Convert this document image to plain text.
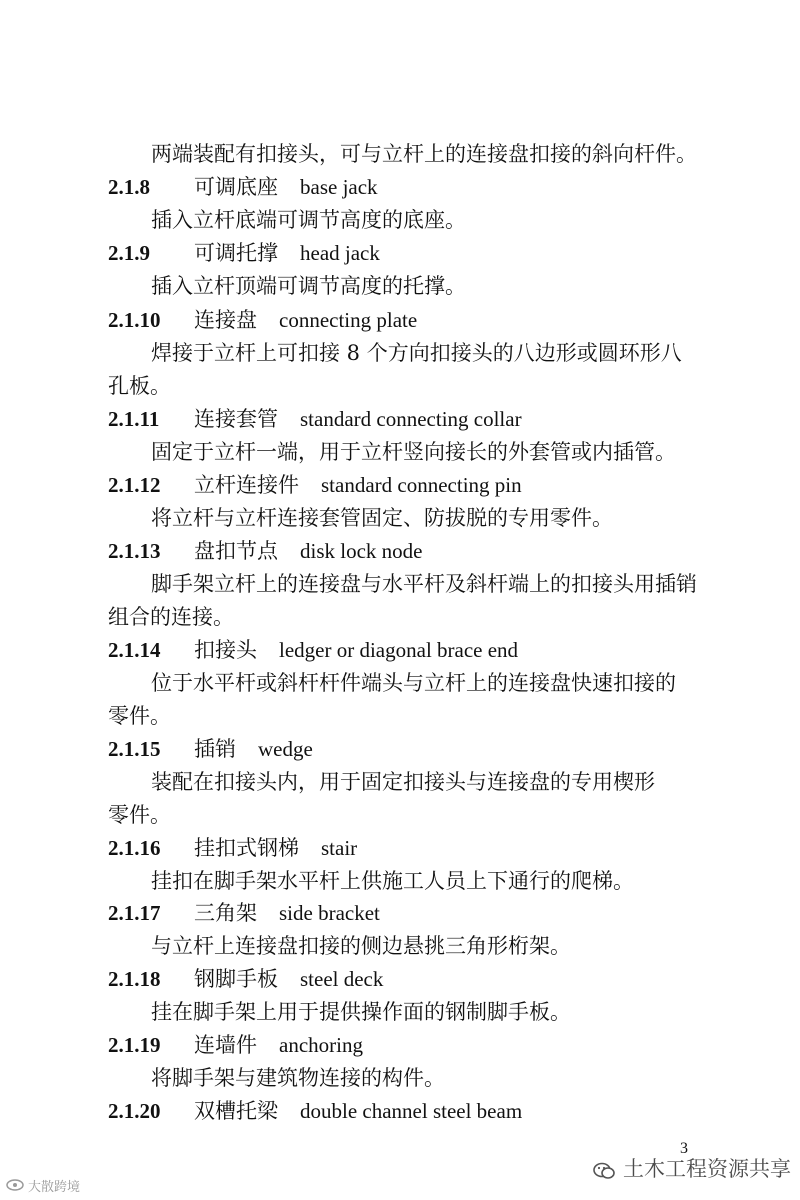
两端装配有扣接头，可与立杆上的连接盘扣接的斜向杆件。
2.1.8 可调底座 base jack
插入立杆底端可调节高度的底座。
2.1.9 可调托撑 head jack
插入立杆顶端可调节高度的托撑。
2.1.10 连接盘 connecting plate
焊接于立杆上可扣接 8 个方向扣接头的八边形或圆环形八
孔板。
2.1.11 连接套管 standard connecting collar
固定于立杆一端，用于立杆竖向接长的外套管或内插管。
2.1.12 立杆连接件 standard connecting pin
将立杆与立杆连接套管固定、防拔脱的专用零件。
2.1.13 盘扣节点 disk lock node
脚手架立杆上的连接盘与水平杆及斜杆端上的扣接头用插销
组合的连接。
2.1.14 扣接头 ledger or diagonal brace end
位于水平杆或斜杆杆件端头与立杆上的连接盘快速扣接的
零件。
2.1.15 插销 wedge
装配在扣接头内，用于固定扣接头与连接盘的专用楔形
零件。
2.1.16 挂扣式钢梯 stair
挂扣在脚手架水平杆上供施工人员上下通行的爬梯。
2.1.17 三角架 side bracket
与立杆上连接盘扣接的侧边悬挑三角形桁架。
2.1.18 钢脚手板 steel deck
挂在脚手架上用于提供操作面的钢制脚手板。
2.1.19 连墙件 anchoring
将脚手架与建筑物连接的构件。
2.1.20 双槽托梁 double channel steel beam
3
大散跨境
土木工程资源共享
